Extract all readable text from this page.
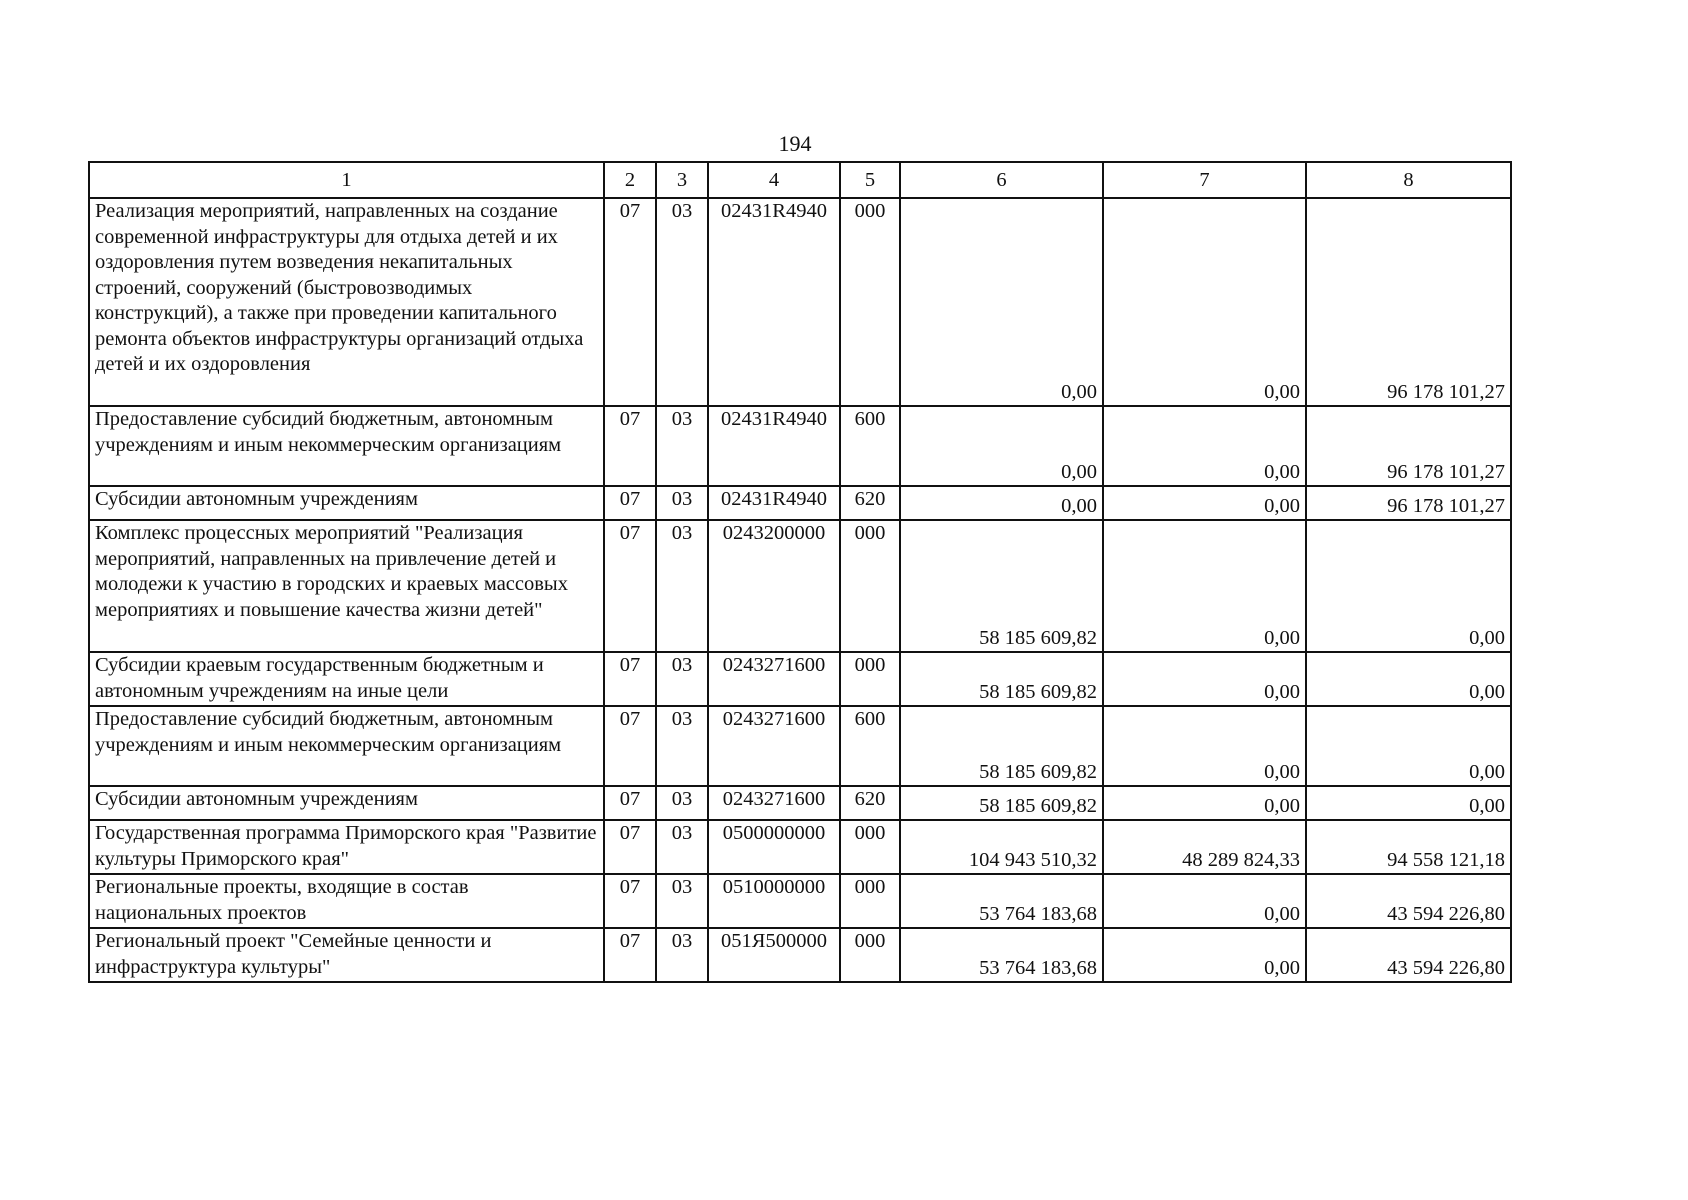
194
1	2	3	4	5	6	7	8
Реализация мероприятий, направленных на создание современной инфраструктуры для отдыха детей и их оздоровления путем возведения некапитальных строений, сооружений (быстровозводимых конструкций), а также при проведении капитального ремонта объектов инфраструктуры организаций отдыха детей и их оздоровления	07	03	02431R4940	000	0,00	0,00	96 178 101,27
Предоставление субсидий бюджетным, автономным учреждениям и иным некоммерческим организациям	07	03	02431R4940	600	0,00	0,00	96 178 101,27
Субсидии автономным учреждениям	07	03	02431R4940	620	0,00	0,00	96 178 101,27
Комплекс процессных мероприятий "Реализация мероприятий, направленных на привлечение детей и молодежи к участию в городских и краевых массовых мероприятиях и повышение качества жизни детей"	07	03	0243200000	000	58 185 609,82	0,00	0,00
Субсидии краевым государственным бюджетным и автономным учреждениям на иные цели	07	03	0243271600	000	58 185 609,82	0,00	0,00
Предоставление субсидий бюджетным, автономным учреждениям и иным некоммерческим организациям	07	03	0243271600	600	58 185 609,82	0,00	0,00
Субсидии автономным учреждениям	07	03	0243271600	620	58 185 609,82	0,00	0,00
Государственная программа Приморского края "Развитие культуры Приморского края"	07	03	0500000000	000	104 943 510,32	48 289 824,33	94 558 121,18
Региональные проекты, входящие в состав национальных проектов	07	03	0510000000	000	53 764 183,68	0,00	43 594 226,80
Региональный проект "Семейные ценности и инфраструктура культуры"	07	03	051Я500000	000	53 764 183,68	0,00	43 594 226,80
